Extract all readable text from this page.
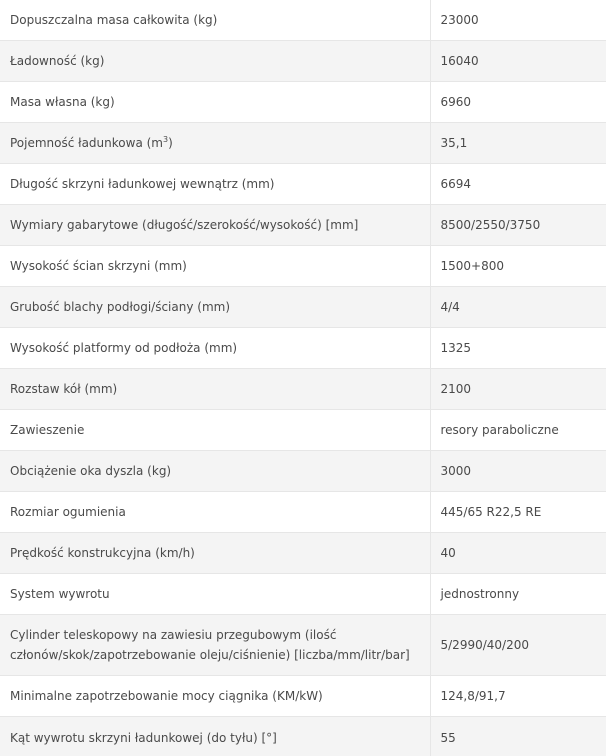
Dopuszczalna masa całkowita (kg)	23000
Ładowność (kg)	16040
Masa własna (kg)	6960
Pojemność ładunkowa $(m^3)$	35,1
Długość skrzyni ładunkowej wewnątrz (mm)	6694
Wymiary gabarytowe (długość/szerokość/wysokość) [mm]	8500/2550/3750
Wysokość ścian skrzyni (mm)	1500+800
Grubość blachy podłogi/ściany (mm)	4/4
Wysokość platformy od podłoża (mm)	1325
Rozstaw kół (mm)	2100
Zawieszenie	resory paraboliczne
Obciążenie oka dyszla (kg)	3000
Rozmiar ogumienia	445/65 R22,5 RE
Prędkość konstrukcyjna (km/h)	40
System wywrotu	jednostronny
Cylinder teleskopowy na zawiesiu przegubowym (ilość członów/skok/zapotrzebowanie oleju/ciśnienie) [liczba/mm/litr/bar]	5/2990/40/200
Minimalne zapotrzebowanie mocy ciągnika (KM/kW)	124,8/91,7
Kąt wywrotu skrzyni ładunkowej (do tyłu) [°]	55
